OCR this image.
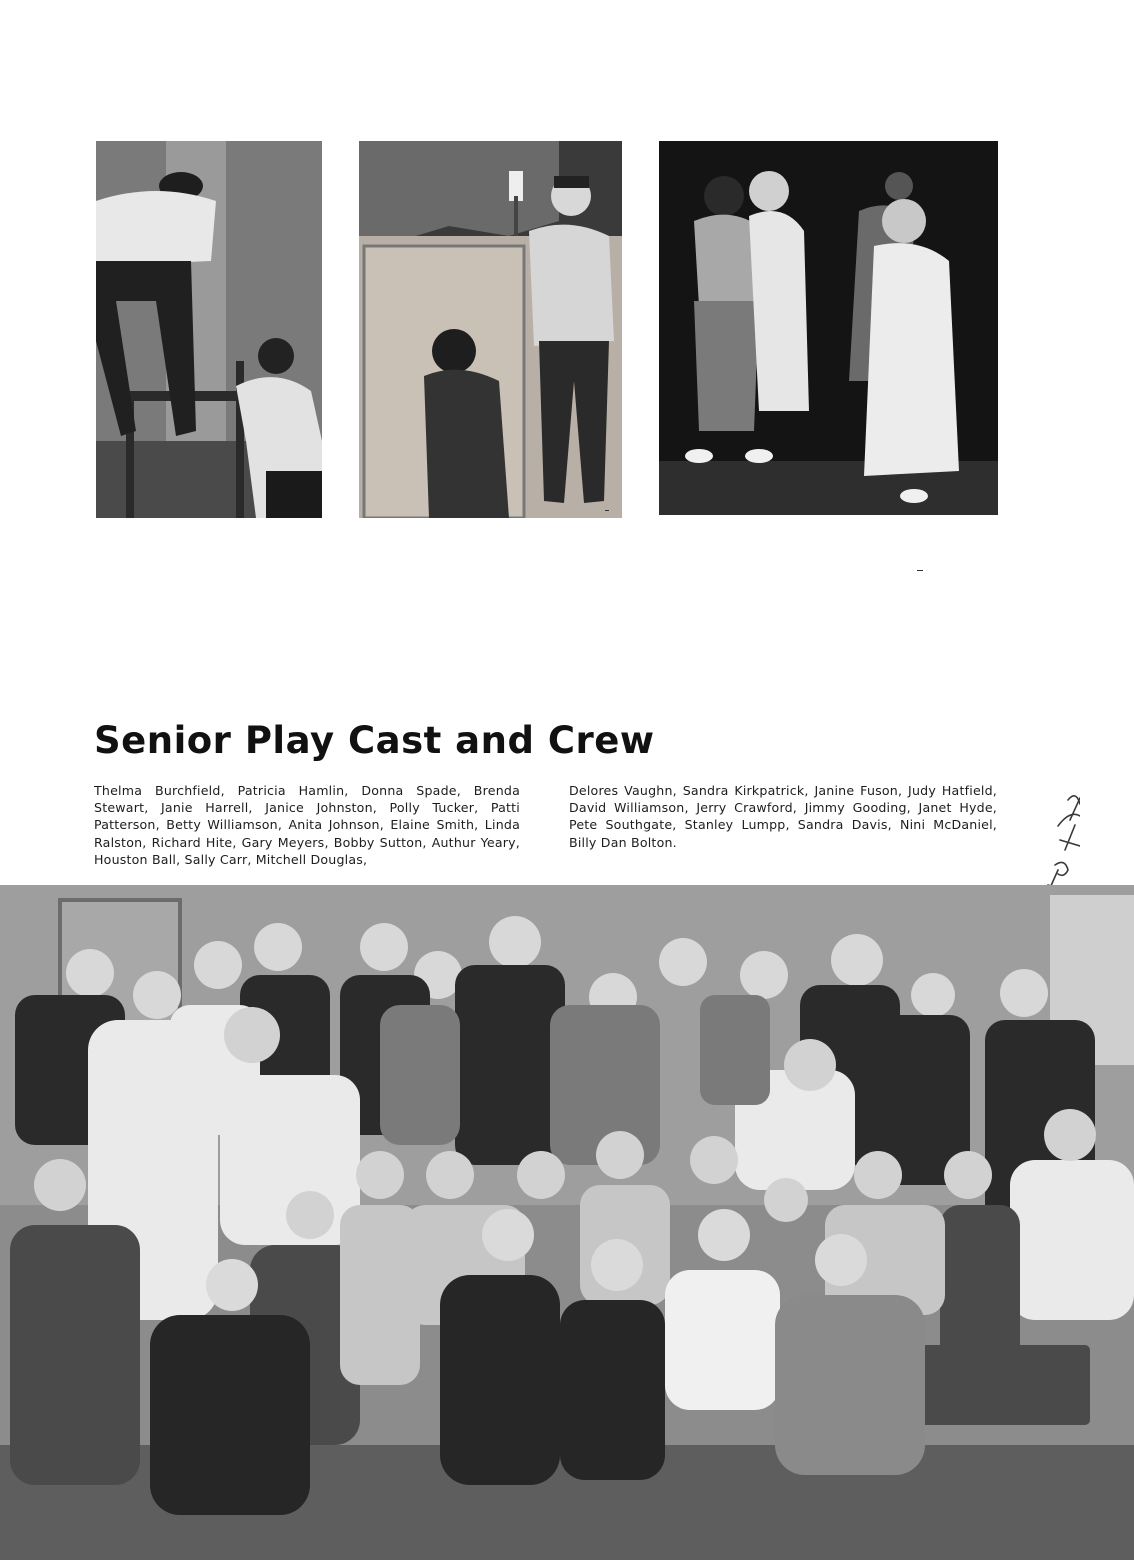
Senior Play Cast and Crew

Thelma Burchfield, Patricia Hamlin, Donna Spade, Brenda Stewart, Janie Harrell, Janice Johnston, Polly Tucker, Patti Patterson, Betty Williamson, Anita Johnson, Elaine Smith, Linda Ralston, Richard Hite, Gary Meyers, Bobby Sutton, Authur Yeary, Houston Ball, Sally Carr, Mitchell Douglas,

Delores Vaughn, Sandra Kirkpatrick, Janine Fuson, Judy Hatfield, David Williamson, Jerry Crawford, Jimmy Gooding, Janet Hyde, Pete Southgate, Stanley Lumpp, Sandra Davis, Nini McDaniel, Billy Dan Bolton.
